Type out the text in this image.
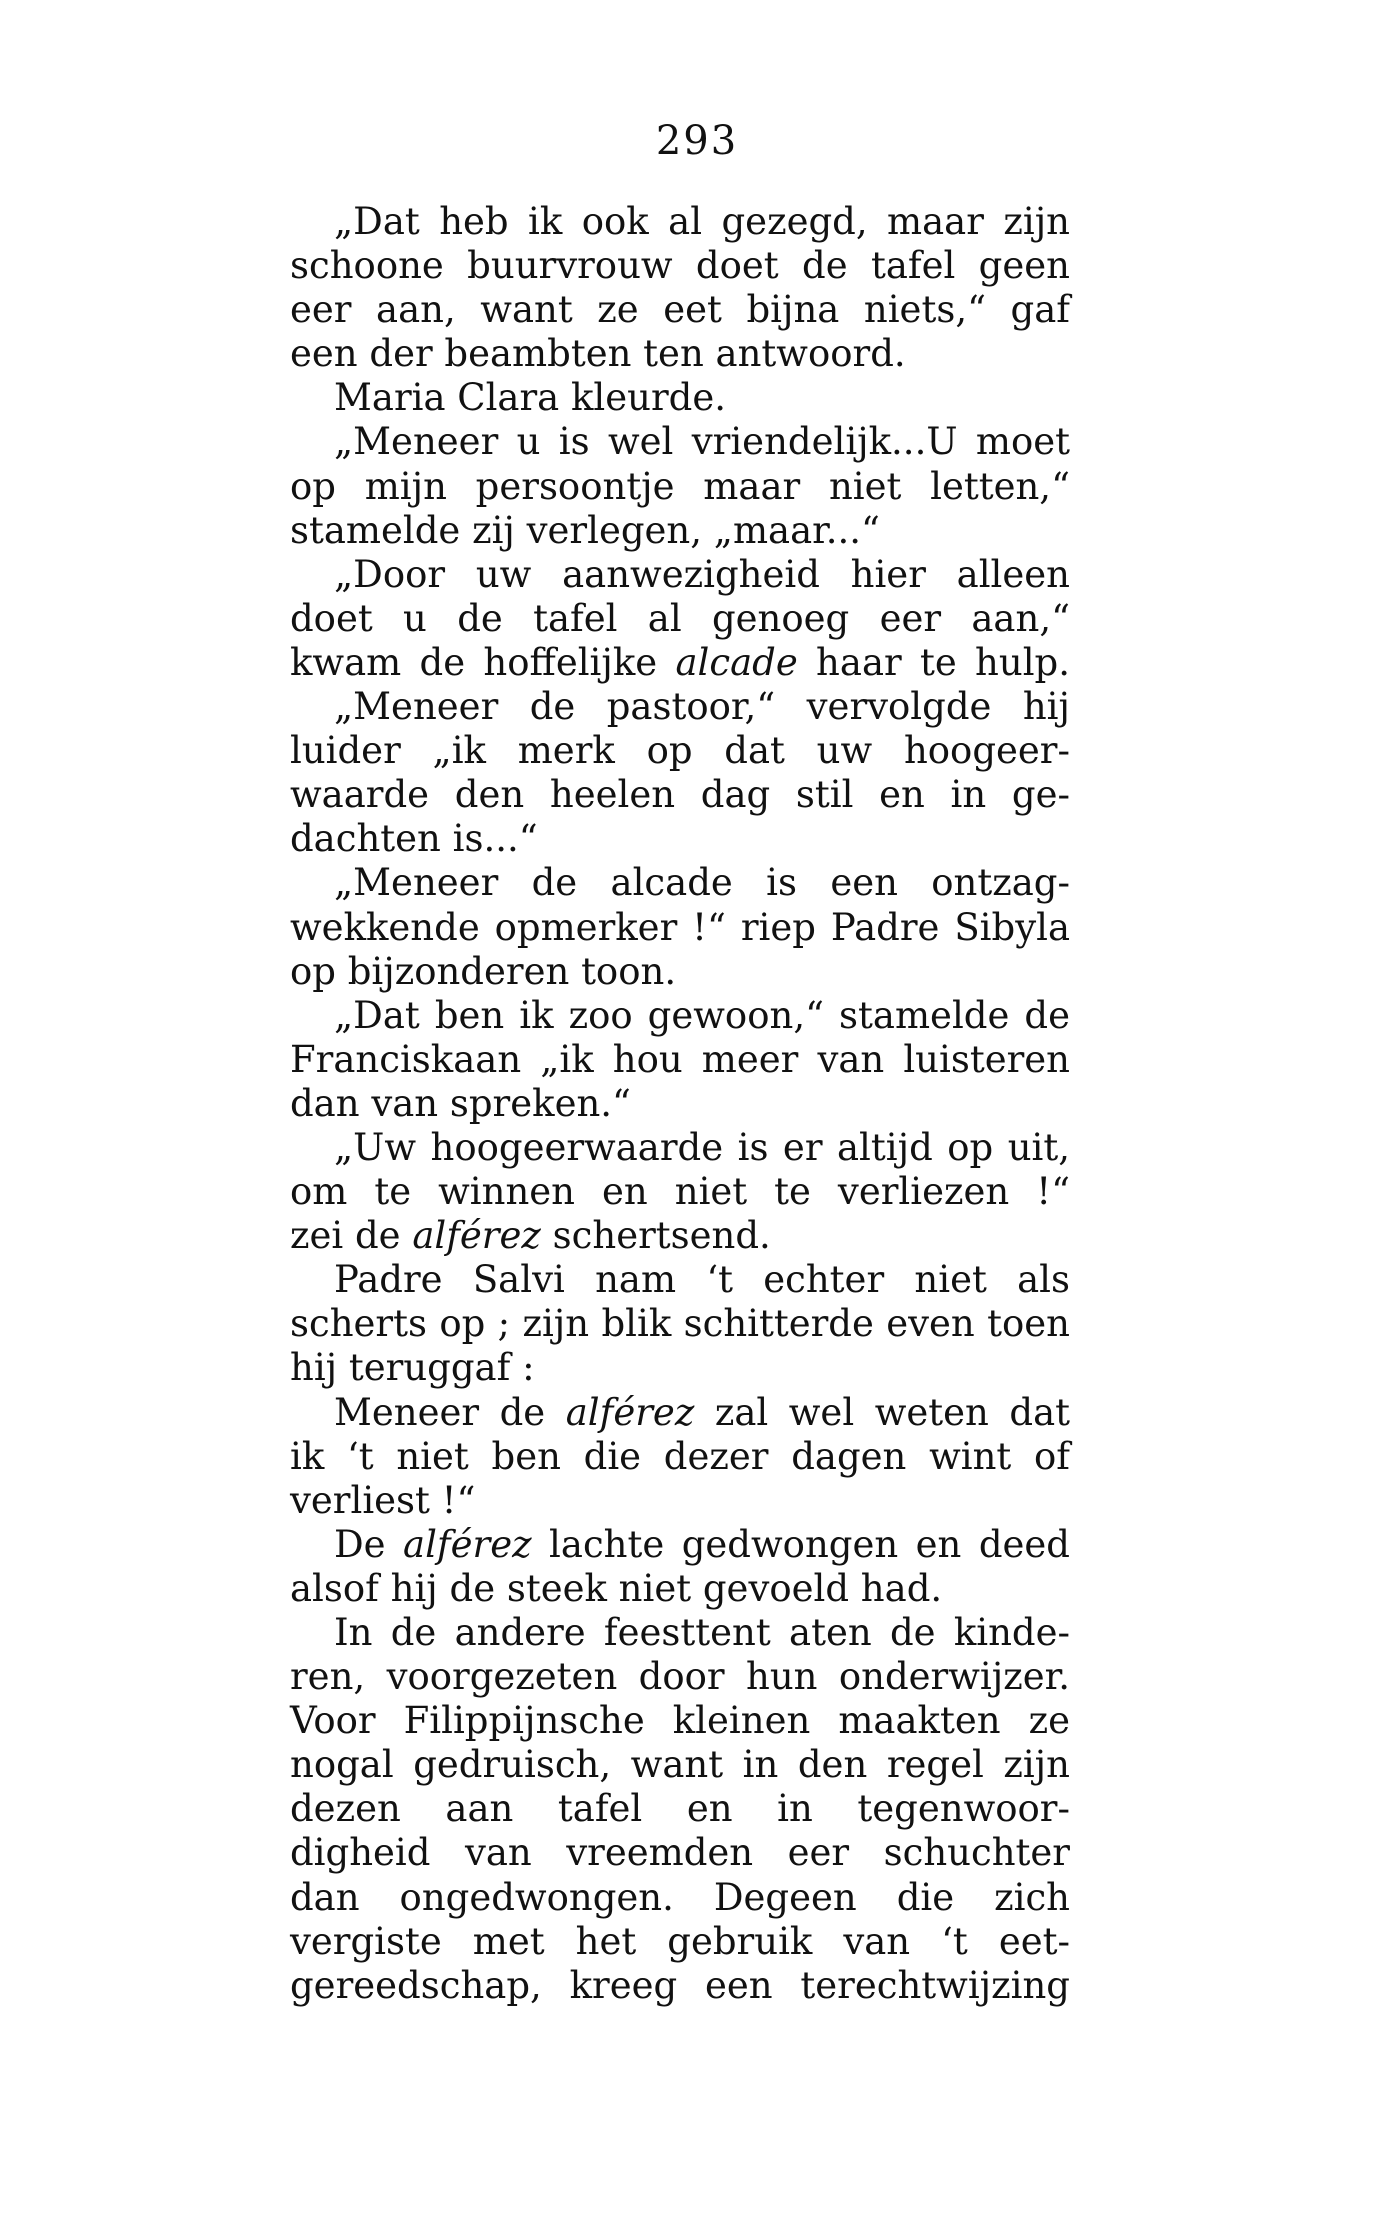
293
„Dat heb ik ook al gezegd, maar zijn
schoone buurvrouw doet de tafel geen
eer aan, want ze eet bijna niets,“ gaf
een der beambten ten antwoord.
Maria Clara kleurde.
„Meneer u is wel vriendelijk...U moet
op mijn persoontje maar niet letten,“
stamelde zij verlegen, „maar...“
„Door uw aanwezigheid hier alleen
doet u de tafel al genoeg eer aan,“
kwam de hoffelijke alcade haar te hulp.
„Meneer de pastoor,“ vervolgde hij
luider „ik merk op dat uw hoogeer-
waarde den heelen dag stil en in ge-
dachten is...“
„Meneer de alcade is een ontzag-
wekkende opmerker !“ riep Padre Sibyla
op bijzonderen toon.
„Dat ben ik zoo gewoon,“ stamelde de
Franciskaan „ik hou meer van luisteren
dan van spreken.“
„Uw hoogeerwaarde is er altijd op uit,
om te winnen en niet te verliezen !“
zei de alférez schertsend.
Padre Salvi nam ‘t echter niet als
scherts op ; zijn blik schitterde even toen
hij teruggaf :
Meneer de alférez zal wel weten dat
ik ‘t niet ben die dezer dagen wint of
verliest !“
De alférez lachte gedwongen en deed
alsof hij de steek niet gevoeld had.
In de andere feesttent aten de kinde-
ren, voorgezeten door hun onderwijzer.
Voor Filippijnsche kleinen maakten ze
nogal gedruisch, want in den regel zijn
dezen aan tafel en in tegenwoor-
digheid van vreemden eer schuchter
dan ongedwongen. Degeen die zich
vergiste met het gebruik van ‘t eet-
gereedschap, kreeg een terechtwijzing
